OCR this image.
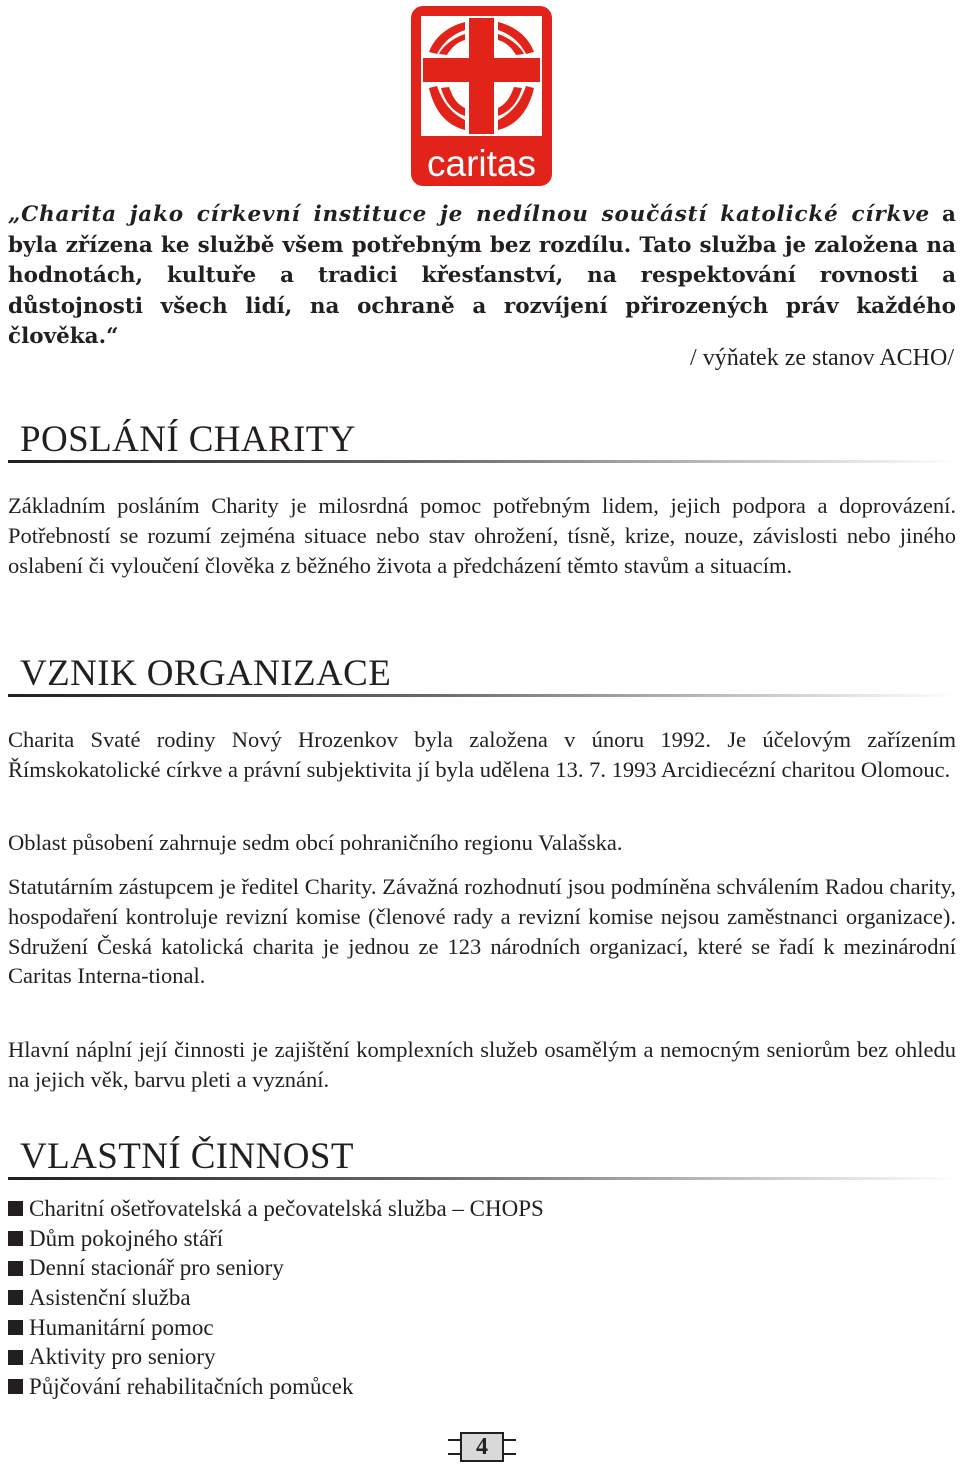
caritas
„Charita jako církevní instituce je nedílnou součástí katolické církve a byla zřízena ke službě všem potřebným bez rozdílu. Tato služba je založena na hodnotách, kultuře a tradici křesťanství, na respektování rovnosti a důstojnosti všech lidí, na ochraně a rozvíjení přirozených práv každého člověka.“
/ výňatek ze stanov ACHO/
POSLÁNÍ CHARITY

Základním posláním Charity je milosrdná pomoc potřebným lidem, jejich podpora a doprovázení. Potřebností se rozumí zejména situace nebo stav ohrožení, tísně, krize, nouze, závislosti nebo jiného oslabení či vyloučení člověka z běžného života a předcházení těmto stavům a situacím.

VZNIK ORGANIZACE

Charita Svaté rodiny Nový Hrozenkov byla založena v únoru 1992. Je účelovým zařízením Římskokatolické církve a právní subjektivita jí byla udělena 13. 7. 1993 Arcidiecézní charitou Olomouc.

Oblast působení zahrnuje sedm obcí pohraničního regionu Valašska.

Statutárním zástupcem je ředitel Charity. Závažná rozhodnutí jsou podmíněna schválením Radou charity, hospodaření kontroluje revizní komise (členové rady a revizní komise nejsou zaměstnanci organizace). Sdružení Česká katolická charita je jednou ze 123 národních organizací, které se řadí k mezinárodní Caritas Interna-tional.

Hlavní náplní její činnosti je zajištění komplexních služeb osamělým a nemocným seniorům bez ohledu na jejich věk, barvu pleti a vyznání.

VLASTNÍ ČINNOST
Charitní ošetřovatelská a pečovatelská služba – CHOPS
Dům pokojného stáří
Denní stacionář pro seniory
Asistenční služba
Humanitární pomoc
Aktivity pro seniory
Půjčování rehabilitačních pomůcek
4
